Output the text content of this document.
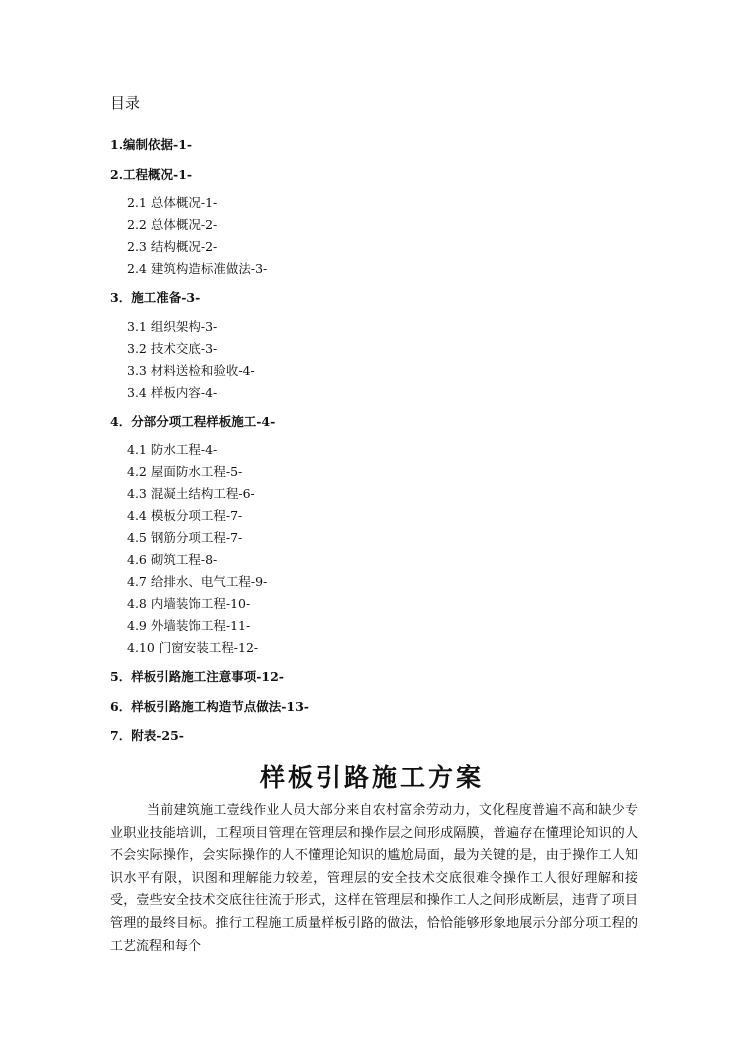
目录
1.编制依据-1-
2.工程概况-1-
2.1 总体概况-1-
2.2 总体概况-2-
2.3 结构概况-2-
2.4 建筑构造标准做法-3-
3．施工准备-3-
3.1 组织架构-3-
3.2 技术交底-3-
3.3 材料送检和验收-4-
3.4 样板内容-4-
4．分部分项工程样板施工-4-
4.1 防水工程-4-
4.2 屋面防水工程-5-
4.3 混凝土结构工程-6-
4.4 模板分项工程-7-
4.5 钢筋分项工程-7-
4.6 砌筑工程-8-
4.7 给排水、电气工程-9-
4.8 内墙装饰工程-10-
4.9 外墙装饰工程-11-
4.10 门窗安装工程-12-
5．样板引路施工注意事项-12-
6．样板引路施工构造节点做法-13-
7．附表-25-
样板引路施工方案
当前建筑施工壹线作业人员大部分来自农村富余劳动力，文化程度普遍不高和缺少专业职业技能培训，工程项目管理在管理层和操作层之间形成隔膜，普遍存在懂理论知识的人不会实际操作，会实际操作的人不懂理论知识的尴尬局面，最为关键的是，由于操作工人知识水平有限，识图和理解能力较差，管理层的安全技术交底很难令操作工人很好理解和接受，壹些安全技术交底往往流于形式，这样在管理层和操作工人之间形成断层，违背了项目管理的最终目标。推行工程施工质量样板引路的做法，恰恰能够形象地展示分部分项工程的工艺流程和每个
